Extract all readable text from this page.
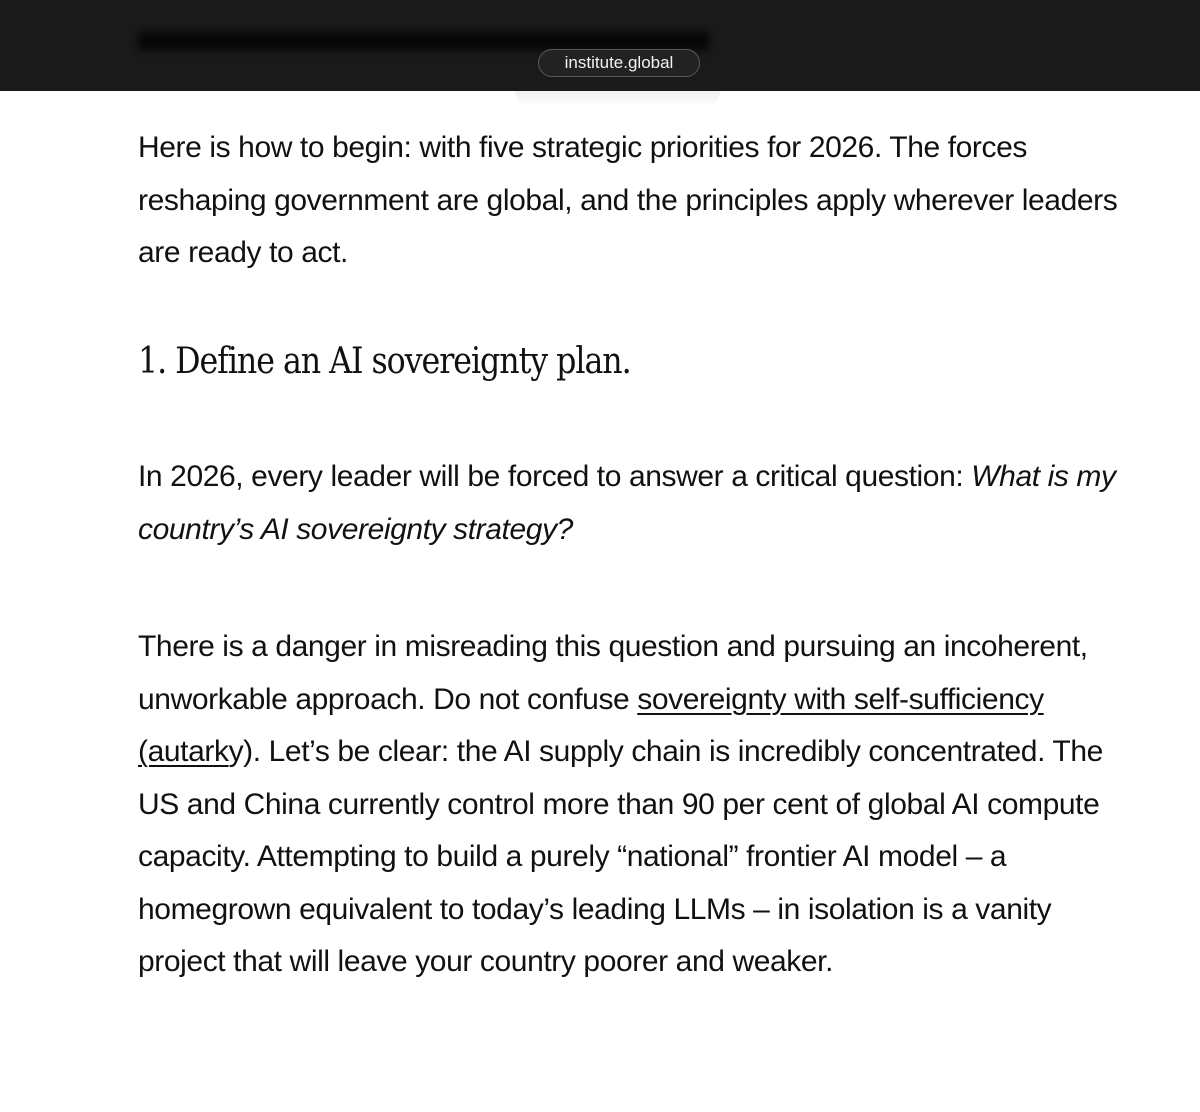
▄▄▄▄▄▄▄▄▄▄▄▄▄▄▄▄▄▄▄▄▄▄▄▄▄▄
institute.global

Here is how to begin: with five strategic priorities for 2026. The forces reshaping government are global, and the principles apply wherever leaders are ready to act.

1. Define an AI sovereignty plan.

In 2026, every leader will be forced to answer a critical question: What is my country’s AI sovereignty strategy?

There is a danger in misreading this question and pursuing an incoherent, unworkable approach. Do not confuse sovereignty with self-sufficiency (autarky). Let’s be clear: the AI supply chain is incredibly concentrated. The US and China currently control more than 90 per cent of global AI compute capacity. Attempting to build a purely “national” frontier AI model – a homegrown equivalent to today’s leading LLMs – in isolation is a vanity project that will leave your country poorer and weaker.
